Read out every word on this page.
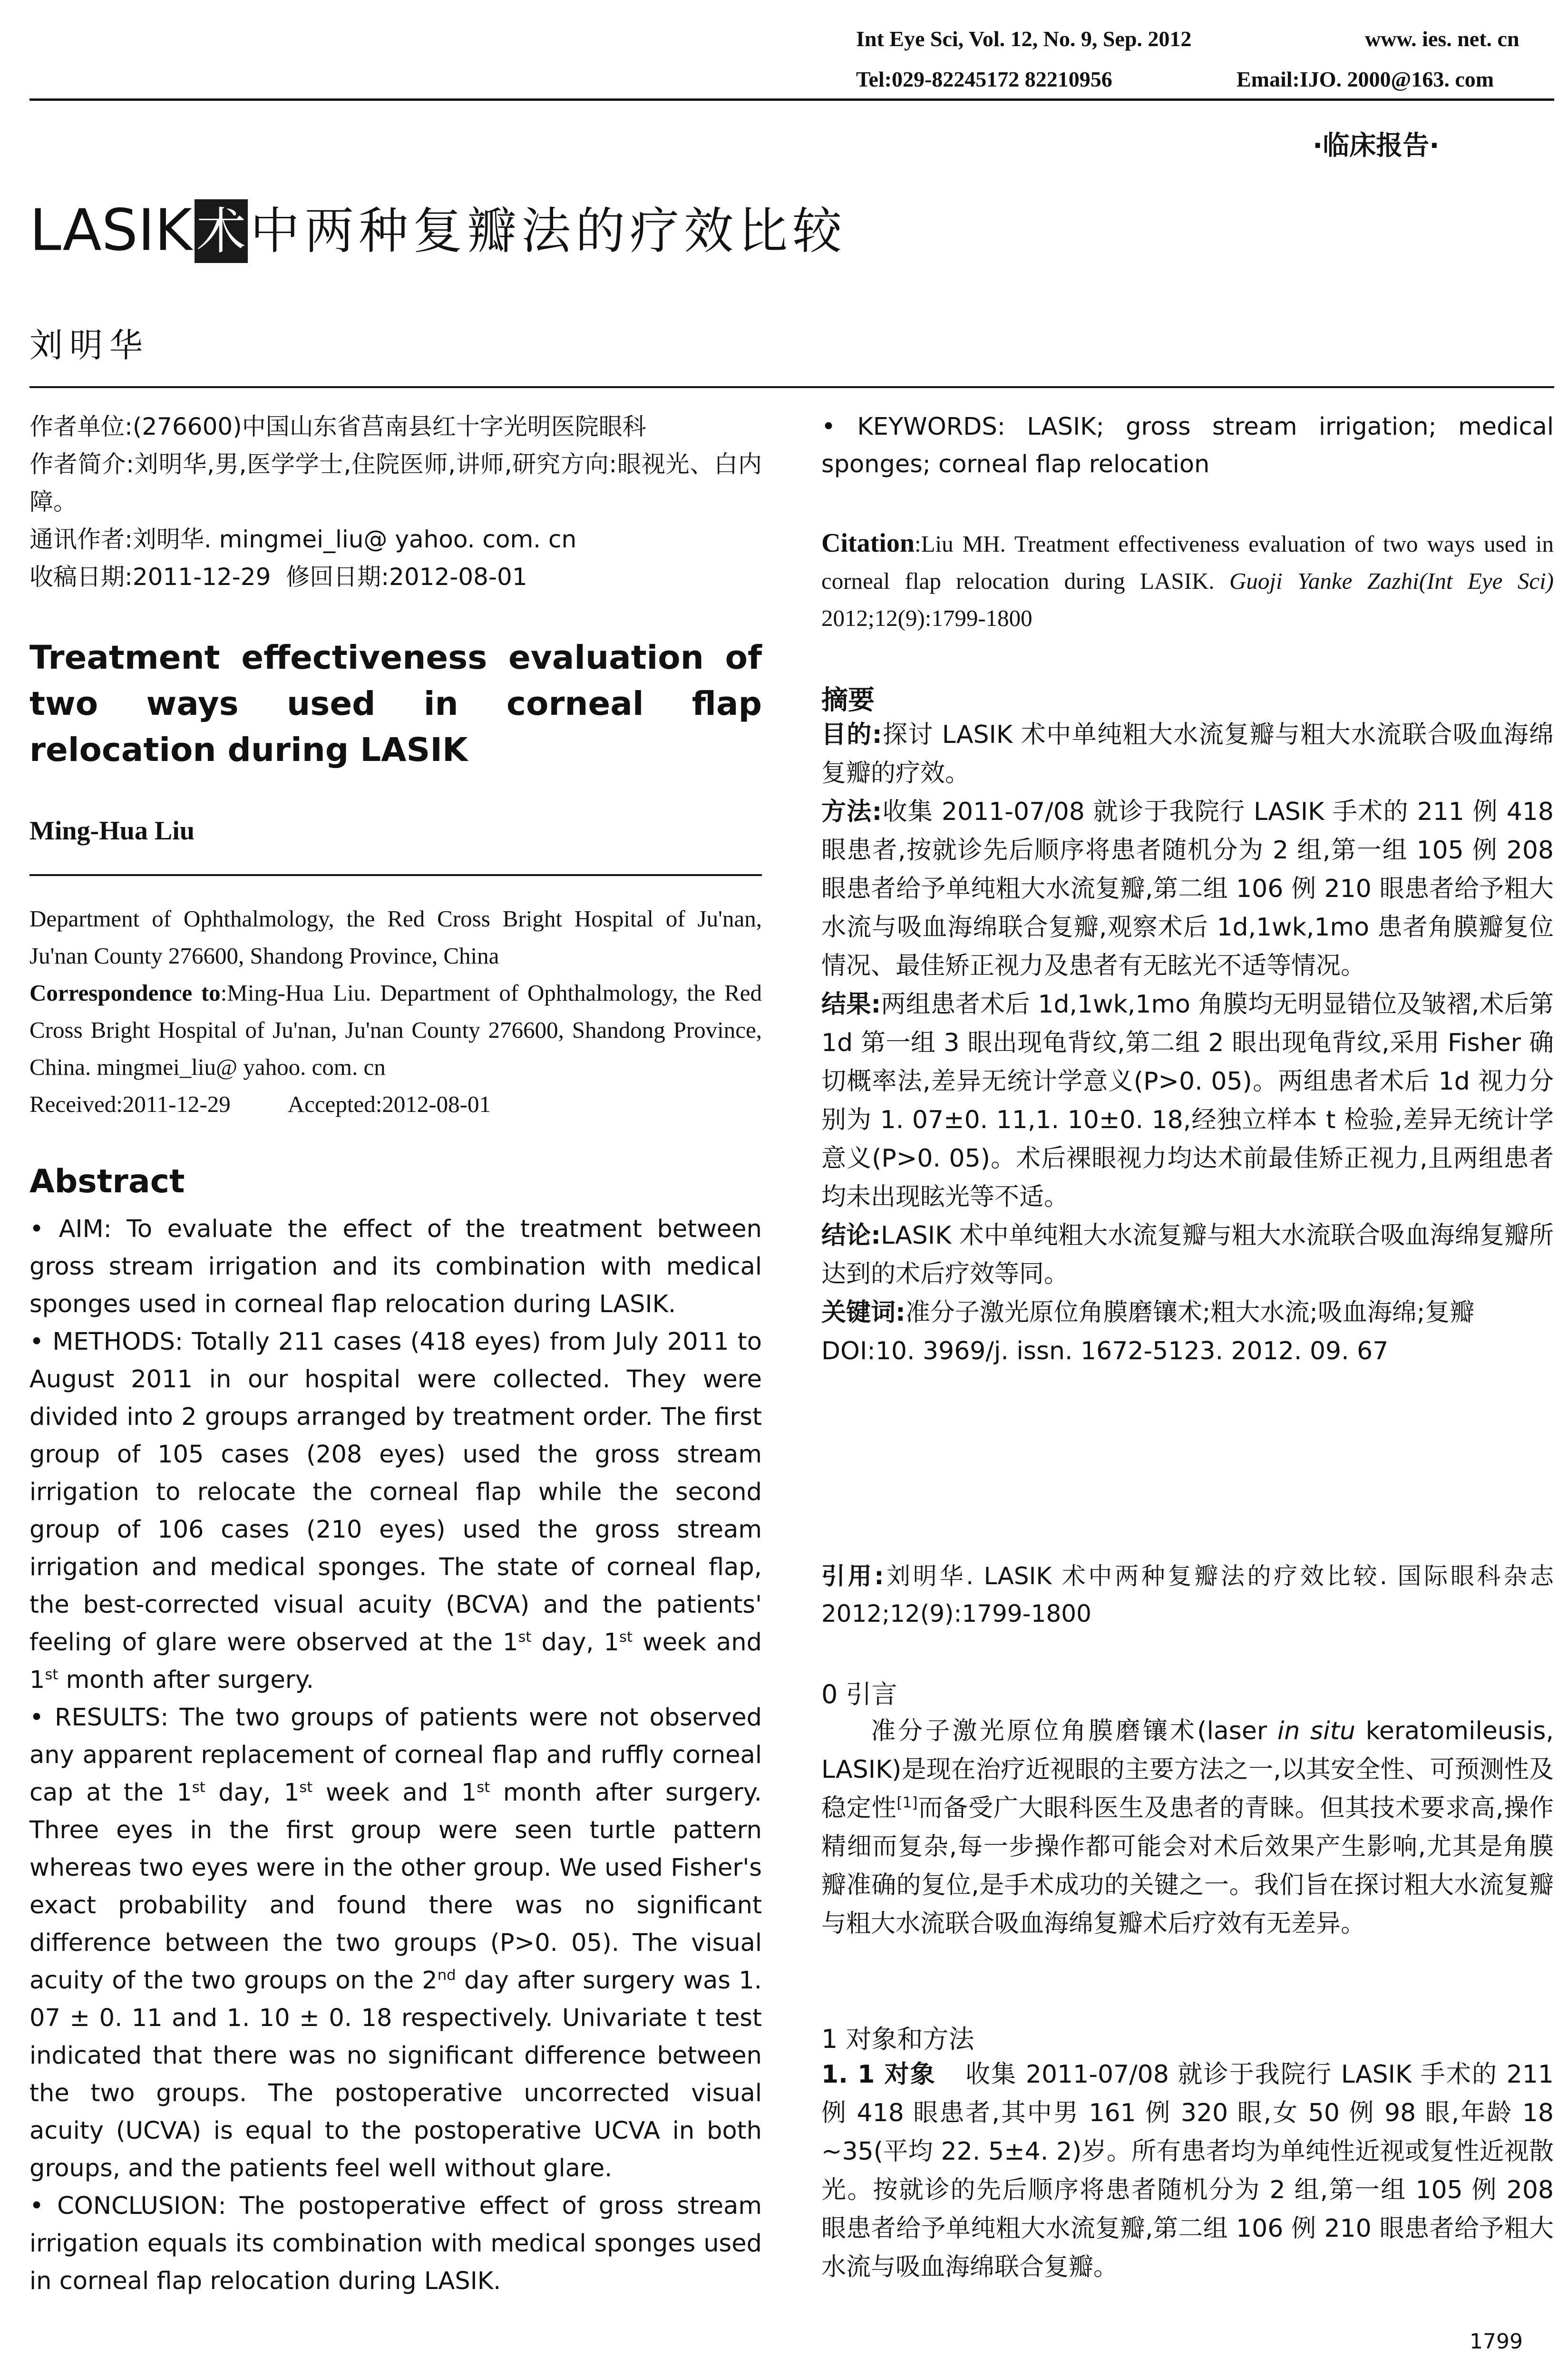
Int Eye Sci, Vol. 12, No. 9, Sep. 2012	www. ies. net. cn
Tel:029-82245172 82210956	Email:IJO. 2000@163. com
·临床报告·
LASIK 术 中两种复瓣法的疗效比较
刘明华

作者单位:(276600)中国山东省莒南县红十字光明医院眼科

作者简介:刘明华,男,医学学士,住院医师,讲师,研究方向:眼视光、白内障。

通讯作者:刘明华. mingmei_liu@ yahoo. com. cn

收稿日期:2011-12-29  修回日期:2012-08-01

Treatment effectiveness evaluation of two ways used in corneal flap relocation during LASIK
Ming-Hua Liu

Department of Ophthalmology, the Red Cross Bright Hospital of Ju'nan, Ju'nan County 276600, Shandong Province, China

Correspondence to:Ming-Hua Liu. Department of Ophthalmology, the Red Cross Bright Hospital of Ju'nan, Ju'nan County 276600, Shandong Province, China. mingmei_liu@ yahoo. com. cn

Received:2011-12-29 Accepted:2012-08-01

Abstract

• AIM: To evaluate the effect of the treatment between gross stream irrigation and its combination with medical sponges used in corneal flap relocation during LASIK.

• METHODS: Totally 211 cases (418 eyes) from July 2011 to August 2011 in our hospital were collected. They were divided into 2 groups arranged by treatment order. The first group of 105 cases (208 eyes) used the gross stream irrigation to relocate the corneal flap while the second group of 106 cases (210 eyes) used the gross stream irrigation and medical sponges. The state of corneal flap, the best-corrected visual acuity (BCVA) and the patients' feeling of glare were observed at the 1st day, 1st week and 1st month after surgery.

• RESULTS: The two groups of patients were not observed any apparent replacement of corneal flap and ruffly corneal cap at the 1st day, 1st week and 1st month after surgery. Three eyes in the first group were seen turtle pattern whereas two eyes were in the other group. We used Fisher's exact probability and found there was no significant difference between the two groups (P>0. 05). The visual acuity of the two groups on the 2nd day after surgery was 1. 07 ± 0. 11 and 1. 10 ± 0. 18 respectively. Univariate t test indicated that there was no significant difference between the two groups. The postoperative uncorrected visual acuity (UCVA) is equal to the postoperative UCVA in both groups, and the patients feel well without glare.

• CONCLUSION: The postoperative effect of gross stream irrigation equals its combination with medical sponges used in corneal flap relocation during LASIK.

• KEYWORDS: LASIK; gross stream irrigation; medical sponges; corneal flap relocation
Citation:Liu MH. Treatment effectiveness evaluation of two ways used in corneal flap relocation during LASIK. Guoji Yanke Zazhi(Int Eye Sci) 2012;12(9):1799-1800
摘要

目的:探讨 LASIK 术中单纯粗大水流复瓣与粗大水流联合吸血海绵复瓣的疗效。

方法:收集 2011-07/08 就诊于我院行 LASIK 手术的 211 例 418 眼患者,按就诊先后顺序将患者随机分为 2 组,第一组 105 例 208 眼患者给予单纯粗大水流复瓣,第二组 106 例 210 眼患者给予粗大水流与吸血海绵联合复瓣,观察术后 1d,1wk,1mo 患者角膜瓣复位情况、最佳矫正视力及患者有无眩光不适等情况。

结果:两组患者术后 1d,1wk,1mo 角膜均无明显错位及皱褶,术后第 1d 第一组 3 眼出现龟背纹,第二组 2 眼出现龟背纹,采用 Fisher 确切概率法,差异无统计学意义(P>0. 05)。两组患者术后 1d 视力分别为 1. 07±0. 11,1. 10±0. 18,经独立样本 t 检验,差异无统计学意义(P>0. 05)。术后裸眼视力均达术前最佳矫正视力,且两组患者均未出现眩光等不适。

结论:LASIK 术中单纯粗大水流复瓣与粗大水流联合吸血海绵复瓣所达到的术后疗效等同。

关键词:准分子激光原位角膜磨镶术;粗大水流;吸血海绵;复瓣

DOI:10. 3969/j. issn. 1672-5123. 2012. 09. 67

引用:刘明华. LASIK 术中两种复瓣法的疗效比较. 国际眼科杂志 2012;12(9):1799-1800
0 引言

准分子激光原位角膜磨镶术(laser in situ keratomileusis, LASIK)是现在治疗近视眼的主要方法之一,以其安全性、可预测性及稳定性[1]而备受广大眼科医生及患者的青睐。但其技术要求高,操作精细而复杂,每一步操作都可能会对术后效果产生影响,尤其是角膜瓣准确的复位,是手术成功的关键之一。我们旨在探讨粗大水流复瓣与粗大水流联合吸血海绵复瓣术后疗效有无差异。

1 对象和方法

1. 1 对象 收集 2011-07/08 就诊于我院行 LASIK 手术的 211 例 418 眼患者,其中男 161 例 320 眼,女 50 例 98 眼,年龄 18 ~35(平均 22. 5±4. 2)岁。所有患者均为单纯性近视或复性近视散光。按就诊的先后顺序将患者随机分为 2 组,第一组 105 例 208 眼患者给予单纯粗大水流复瓣,第二组 106 例 210 眼患者给予粗大水流与吸血海绵联合复瓣。

1799
